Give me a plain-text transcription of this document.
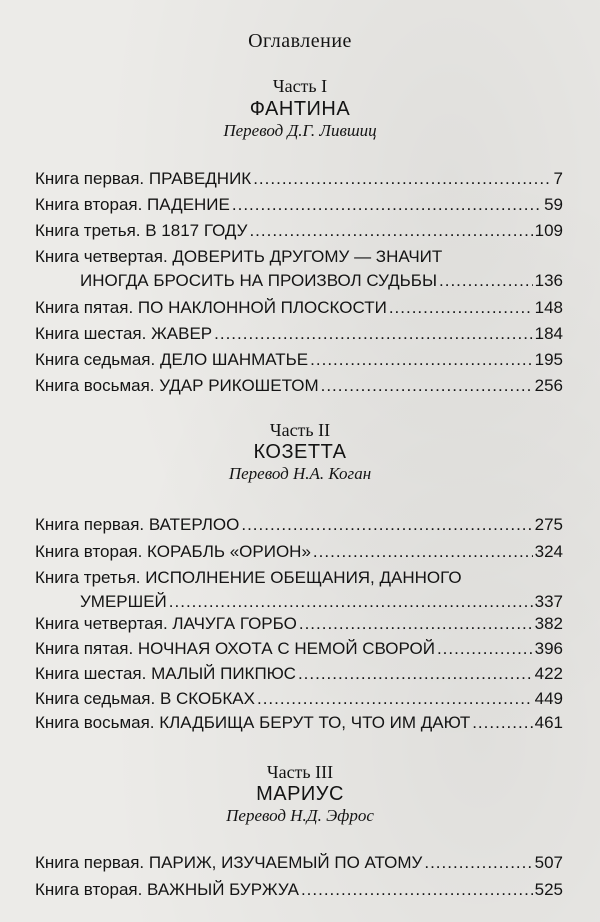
Оглавление
Часть I
ФАНТИНА
Перевод Д.Г. Лившиц
Книга первая. ПРАВЕДНИК .....	7
Книга вторая. ПАДЕНИЕ .....	59
Книга третья. В 1817 ГОДУ .....	109
Книга четвертая. ДОВЕРИТЬ ДРУГОМУ — ЗНАЧИТ
ИНОГДА БРОСИТЬ НА ПРОИЗВОЛ СУДЬБЫ .....	136
Книга пятая. ПО НАКЛОННОЙ ПЛОСКОСТИ .....	148
Книга шестая. ЖАВЕР .....	184
Книга седьмая. ДЕЛО ШАНМАТЬЕ .....	195
Книга восьмая. УДАР РИКОШЕТОМ .....	256
Часть II
КОЗЕТТА
Перевод Н.А. Коган
Книга первая. ВАТЕРЛОО .....	275
Книга вторая. КОРАБЛЬ «ОРИОН» .....	324
Книга третья. ИСПОЛНЕНИЕ ОБЕЩАНИЯ, ДАННОГО
УМЕРШЕЙ .....	337
Книга четвертая. ЛАЧУГА ГОРБО .....	382
Книга пятая. НОЧНАЯ ОХОТА С НЕМОЙ СВОРОЙ .....	396
Книга шестая. МАЛЫЙ ПИКПЮС .....	422
Книга седьмая. В СКОБКАХ .....	449
Книга восьмая. КЛАДБИЩА БЕРУТ ТО, ЧТО ИМ ДАЮТ .....	461
Часть III
МАРИУС
Перевод Н.Д. Эфрос
Книга первая. ПАРИЖ, ИЗУЧАЕМЫЙ ПО АТОМУ .....	507
Книга вторая. ВАЖНЫЙ БУРЖУА .....	525
